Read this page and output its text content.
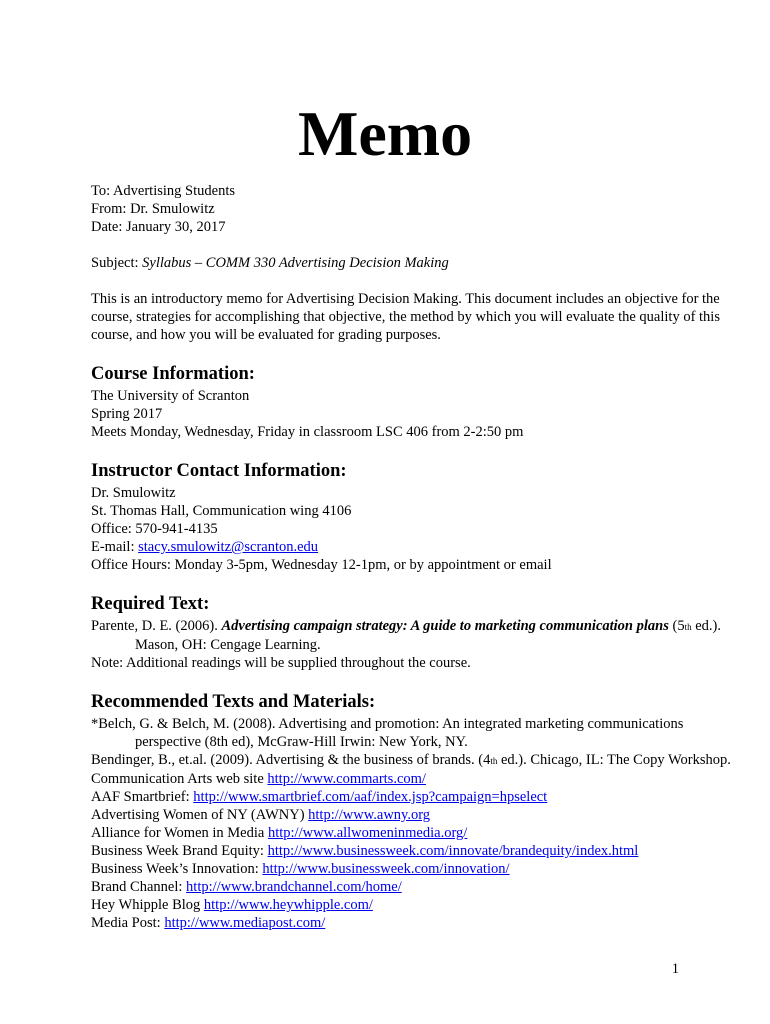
Memo

To: Advertising Students

From: Dr. Smulowitz

Date: January 30, 2017

Subject: Syllabus – COMM 330 Advertising Decision Making

This is an introductory memo for Advertising Decision Making. This document includes an objective for the course, strategies for accomplishing that objective, the method by which you will evaluate the quality of this course, and how you will be evaluated for grading purposes.

Course Information:

The University of Scranton

Spring 2017

Meets Monday, Wednesday, Friday in classroom LSC 406 from 2-2:50 pm

Instructor Contact Information:

Dr. Smulowitz

St. Thomas Hall, Communication wing 4106

Office: 570-941-4135

E-mail: stacy.smulowitz@scranton.edu

Office Hours: Monday 3-5pm, Wednesday 12-1pm, or by appointment or email

Required Text:

Parente, D. E. (2006). Advertising campaign strategy: A guide to marketing communication plans (5th ed.). Mason, OH: Cengage Learning.

Note: Additional readings will be supplied throughout the course.

Recommended Texts and Materials:

*Belch, G. & Belch, M. (2008). Advertising and promotion: An integrated marketing communications perspective (8th ed), McGraw-Hill Irwin: New York, NY.

Bendinger, B., et.al. (2009). Advertising & the business of brands. (4th ed.). Chicago, IL: The Copy Workshop.

Communication Arts web site http://www.commarts.com/

AAF Smartbrief: http://www.smartbrief.com/aaf/index.jsp?campaign=hpselect

Advertising Women of NY (AWNY) http://www.awny.org

Alliance for Women in Media http://www.allwomeninmedia.org/

Business Week Brand Equity: http://www.businessweek.com/innovate/brandequity/index.html

Business Week’s Innovation: http://www.businessweek.com/innovation/

Brand Channel: http://www.brandchannel.com/home/

Hey Whipple Blog http://www.heywhipple.com/

Media Post: http://www.mediapost.com/

1
